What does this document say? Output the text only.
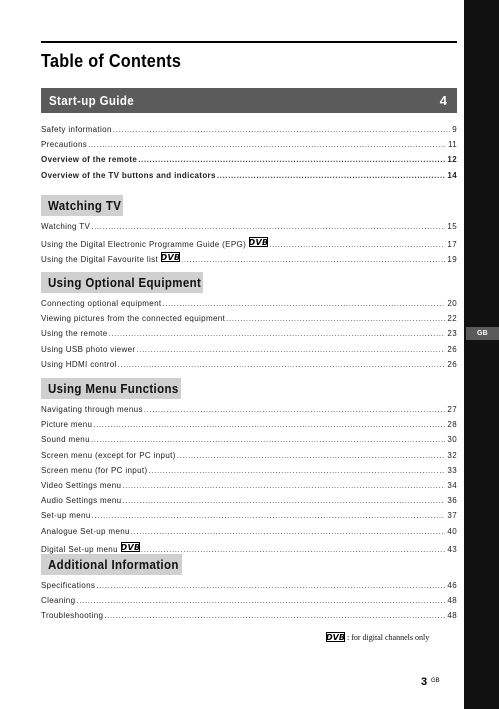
GB
Table of Contents
Start-up Guide	4
Safety information .....	9
Precautions .....	11
Overview of the remote .....	12
Overview of the TV buttons and indicators .....	14
Watching TV
Watching TV .....	15
Using the Digital Electronic Programme Guide (EPG) DVB .....	17
Using the Digital Favourite list DVB .....	19
Using Optional Equipment
Connecting optional equipment .....	20
Viewing pictures from the connected equipment .....	22
Using the remote .....	23
Using USB photo viewer .....	26
Using HDMI control .....	26
Using Menu Functions
Navigating through menus .....	27
Picture menu .....	28
Sound menu .....	30
Screen menu (except for PC input) .....	32
Screen menu (for PC input) .....	33
Video Settings menu .....	34
Audio Settings menu .....	36
Set-up menu .....	37
Analogue Set-up menu .....	40
Digital Set-up menu DVB .....	43
Additional Information
Specifications .....	46
Cleaning .....	48
Troubleshooting .....	48
DVB : for digital channels only
3 GB
